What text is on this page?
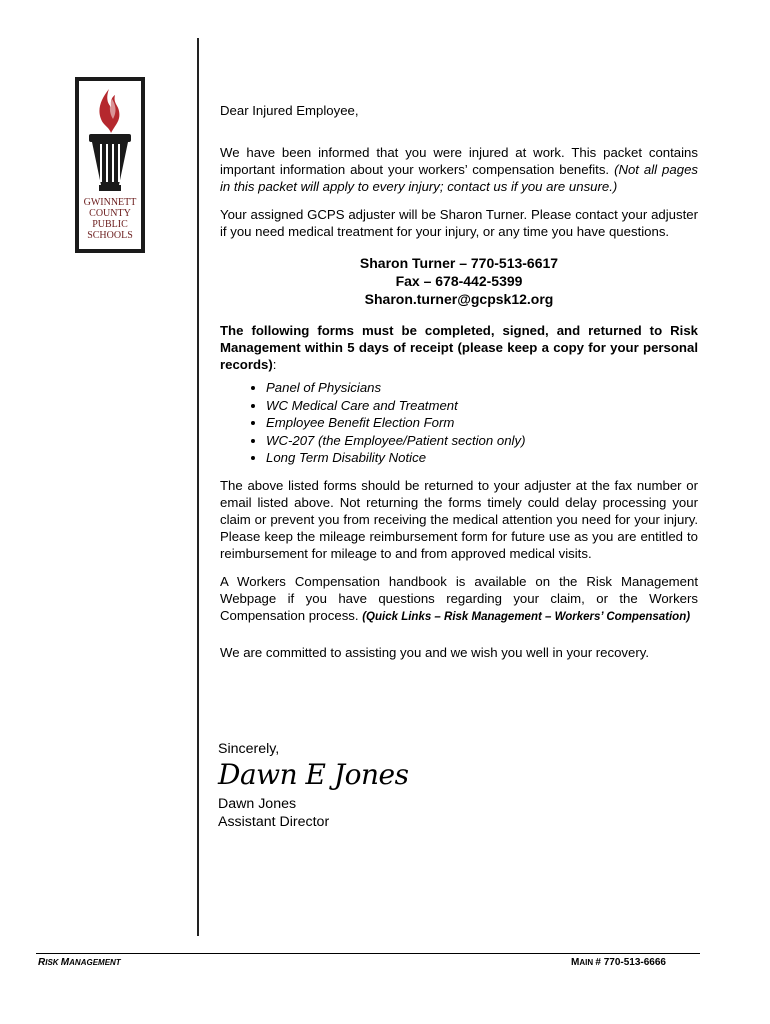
GWINNETT
COUNTY
PUBLIC
SCHOOLS

Dear Injured Employee,

We have been informed that you were injured at work. This packet contains important information about your workers’ compensation benefits. (Not all pages in this packet will apply to every injury; contact us if you are unsure.)

Your assigned GCPS adjuster will be Sharon Turner. Please contact your adjuster if you need medical treatment for your injury, or any time you have questions.

Sharon Turner – 770-513-6617
Fax – 678-442-5399
Sharon.turner@gcpsk12.org

The following forms must be completed, signed, and returned to Risk Management within 5 days of receipt (please keep a copy for your personal records):

• Panel of Physicians
• WC Medical Care and Treatment
• Employee Benefit Election Form
• WC-207 (the Employee/Patient section only)
• Long Term Disability Notice

The above listed forms should be returned to your adjuster at the fax number or email listed above. Not returning the forms timely could delay processing your claim or prevent you from receiving the medical attention you need for your injury. Please keep the mileage reimbursement form for future use as you are entitled to reimbursement for mileage to and from approved medical visits.

A Workers Compensation handbook is available on the Risk Management Webpage if you have questions regarding your claim, or the Workers Compensation process. (Quick Links – Risk Management – Workers’ Compensation)

We are committed to assisting you and we wish you well in your recovery.

Sincerely,
Dawn E Jones
Dawn Jones
Assistant Director
RISK MANAGEMENT	MAIN # 770-513-6666
